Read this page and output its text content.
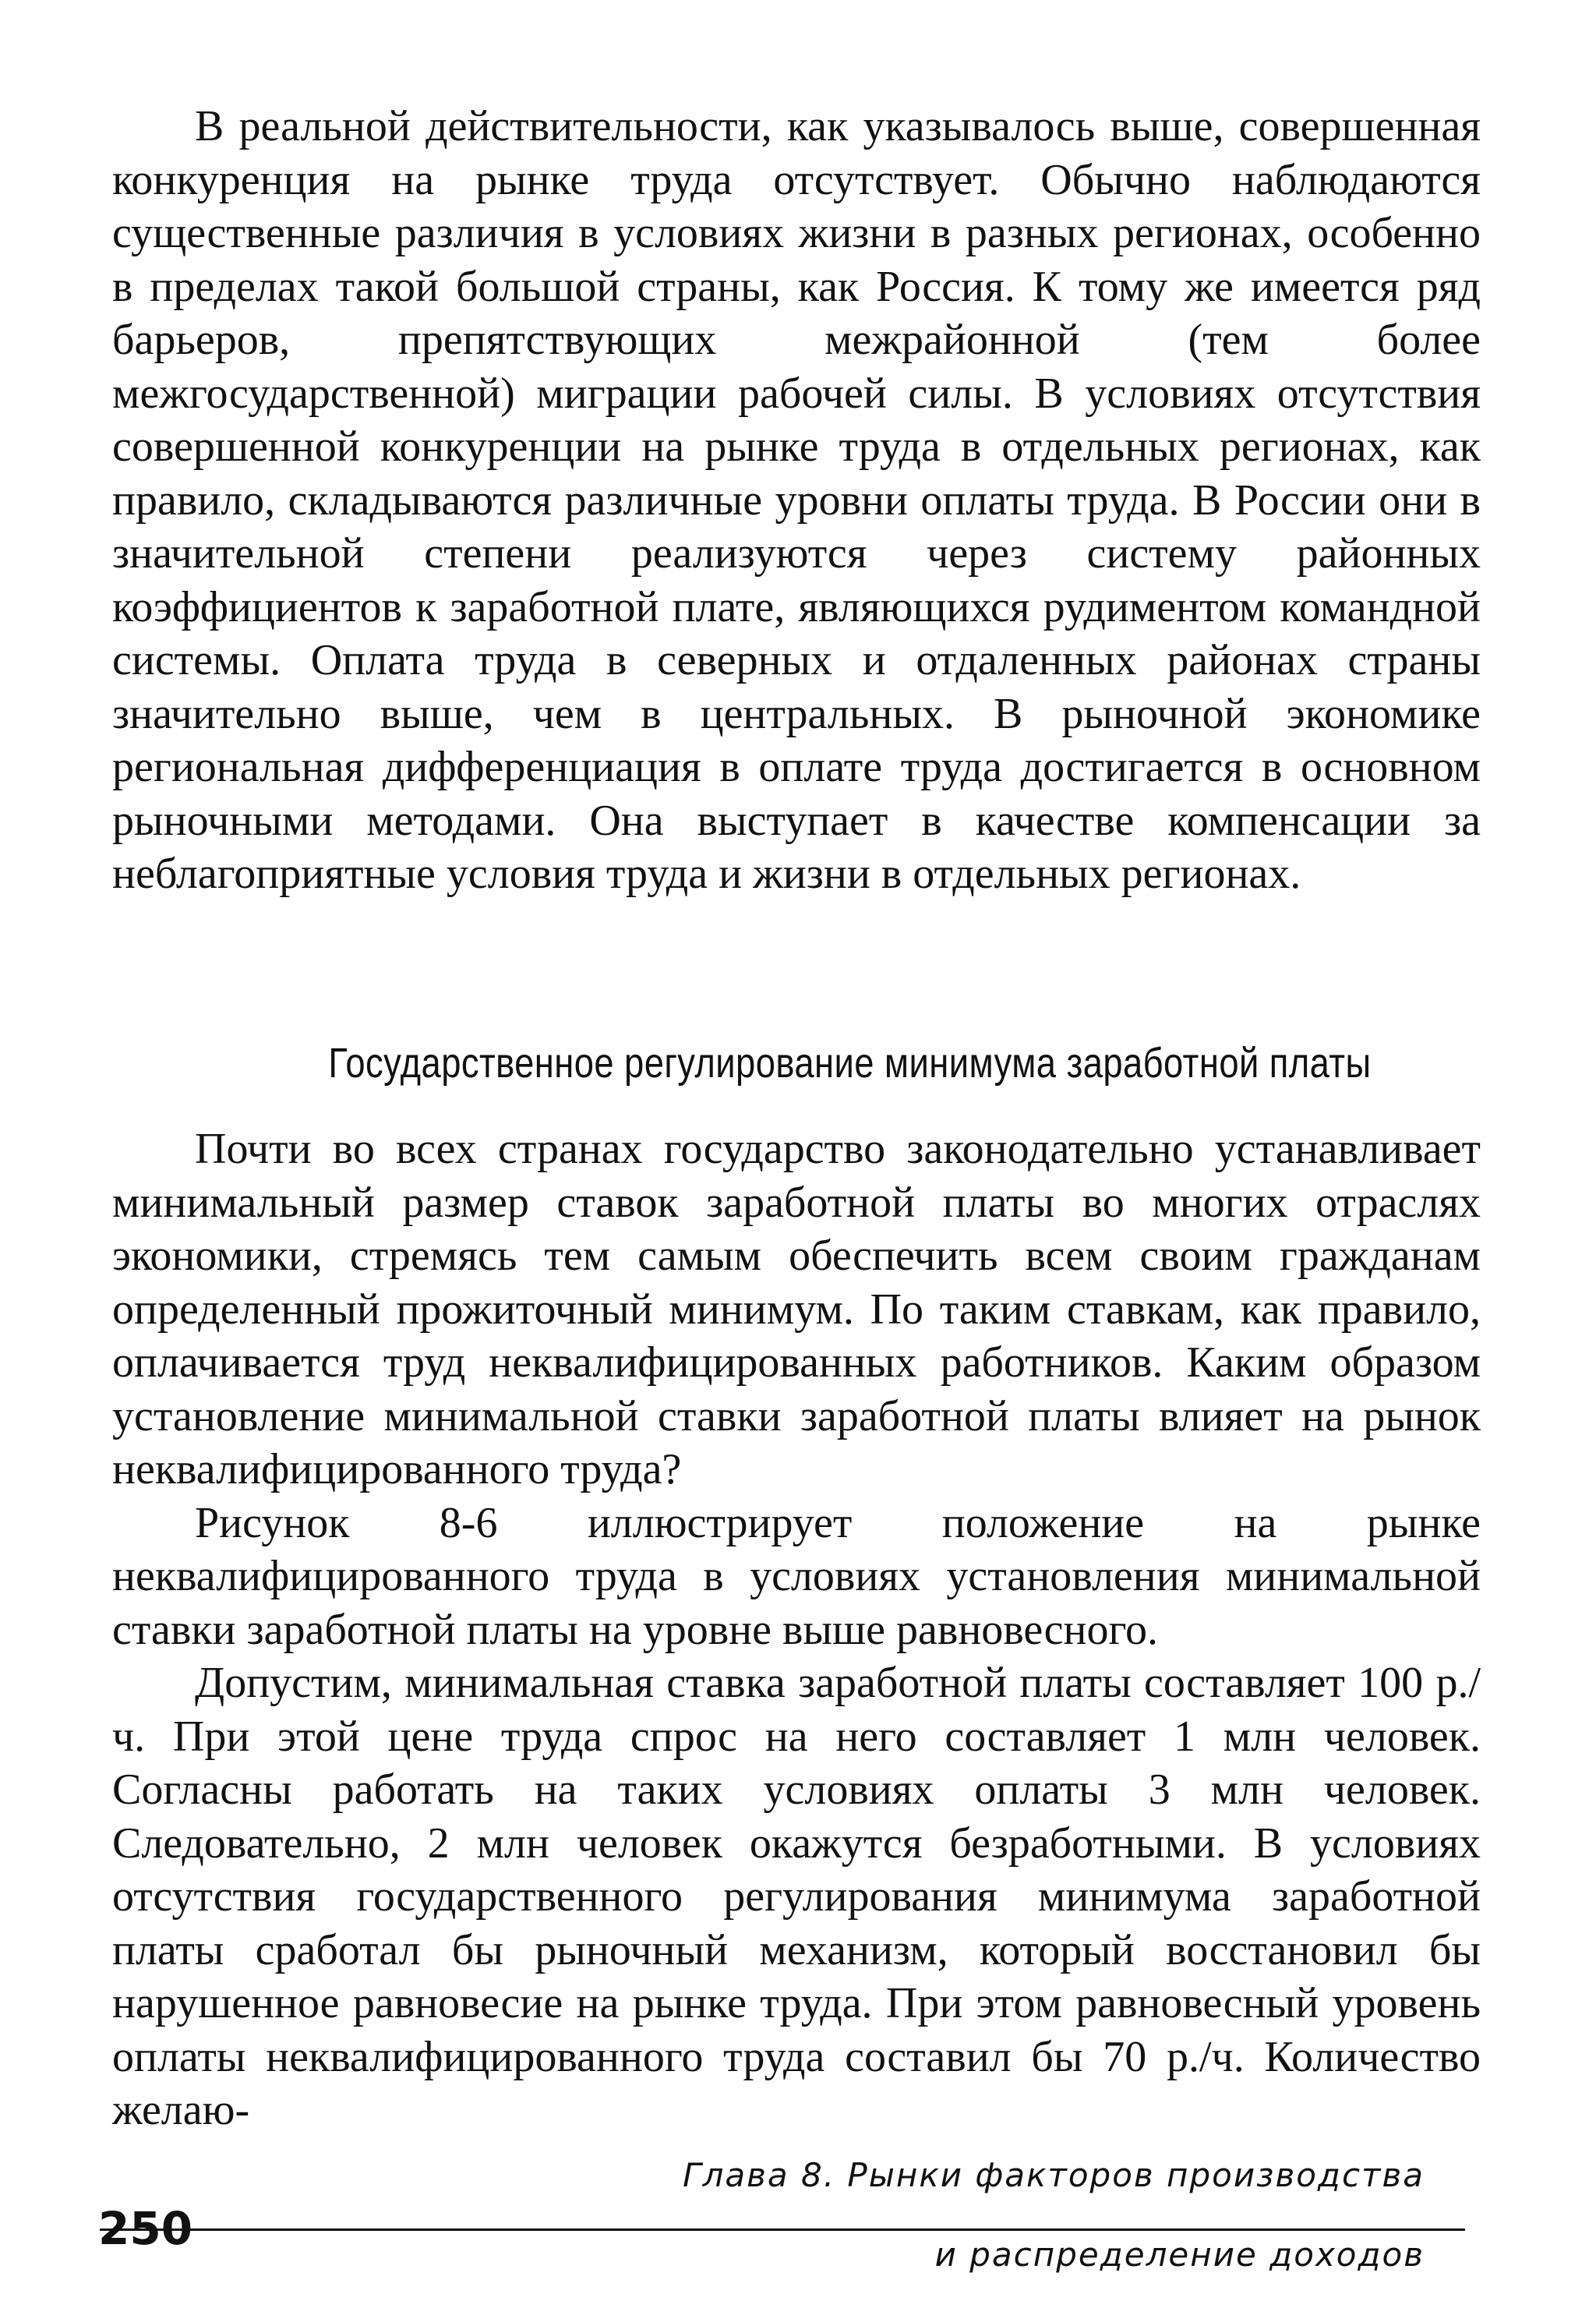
В реальной действительности, как указывалось выше, совершенная конкуренция на рынке труда отсутствует. Обычно наблюдаются существенные различия в условиях жизни в разных регионах, особенно в пределах такой большой страны, как Россия. К тому же имеется ряд барьеров, препятствующих межрайонной (тем более межгосударственной) миграции рабочей силы. В условиях отсутствия совершенной конкуренции на рынке труда в отдельных регионах, как правило, складываются различные уровни оплаты труда. В России они в значительной степени реализуются через систему районных коэффициентов к заработной плате, являющихся рудиментом командной системы. Оплата труда в северных и отдаленных районах страны значительно выше, чем в центральных. В рыночной экономике региональная дифференциация в оплате труда достигается в основном рыночными методами. Она выступает в качестве компенсации за неблагоприятные условия труда и жизни в отдельных регионах.

Государственное регулирование минимума заработной платы

Почти во всех странах государство законодательно устанавливает минимальный размер ставок заработной платы во многих отраслях экономики, стремясь тем самым обеспечить всем своим гражданам определенный прожиточный минимум. По таким ставкам, как правило, оплачивается труд неквалифицированных работников. Каким образом установление минимальной ставки заработной платы влияет на рынок неквалифицированного труда?

Рисунок 8-6 иллюстрирует положение на рынке неквалифицированного труда в условиях установления минимальной ставки заработной платы на уровне выше равновесного.

Допустим, минимальная ставка заработной платы составляет 100 р./ч. При этой цене труда спрос на него составляет 1 млн человек. Согласны работать на таких условиях оплаты 3 млн человек. Следовательно, 2 млн человек окажутся безработными. В условиях отсутствия государственного регулирования минимума заработной платы сработал бы рыночный механизм, который восстановил бы нарушенное равновесие на рынке труда. При этом равновесный уровень оплаты неквалифицированного труда составил бы 70 р./ч. Количество желаю-

Глава 8. Рынки факторов производства
250	и распределение доходов
